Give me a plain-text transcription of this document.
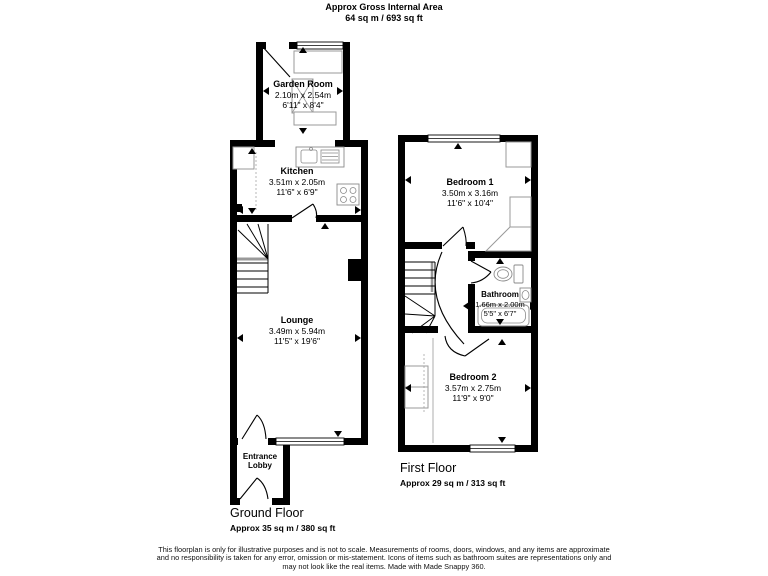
Approx Gross Internal Area
64 sq m / 693 sq ft
Garden Room
2.10m x 2.54m
6'11" x 8'4"
Kitchen
3.51m x 2.05m
11'6" x 6'9"
Lounge
3.49m x 5.94m
11'5" x 19'6"
Entrance
Lobby
Bedroom 1
3.50m x 3.16m
11'6" x 10'4"
Bathroom
1.66m x 2.00m
5'5" x 6'7"
Bedroom 2
3.57m x 2.75m
11'9" x 9'0"
Ground Floor
Approx 35 sq m / 380 sq ft
First Floor
Approx 29 sq m / 313 sq ft
This floorplan is only for illustrative purposes and is not to scale. Measurements of rooms, doors, windows, and any items are approximate
and no responsibility is taken for any error, omission or mis-statement. Icons of items such as bathroom suites are representations only and
may not look like the real items. Made with Made Snappy 360.
